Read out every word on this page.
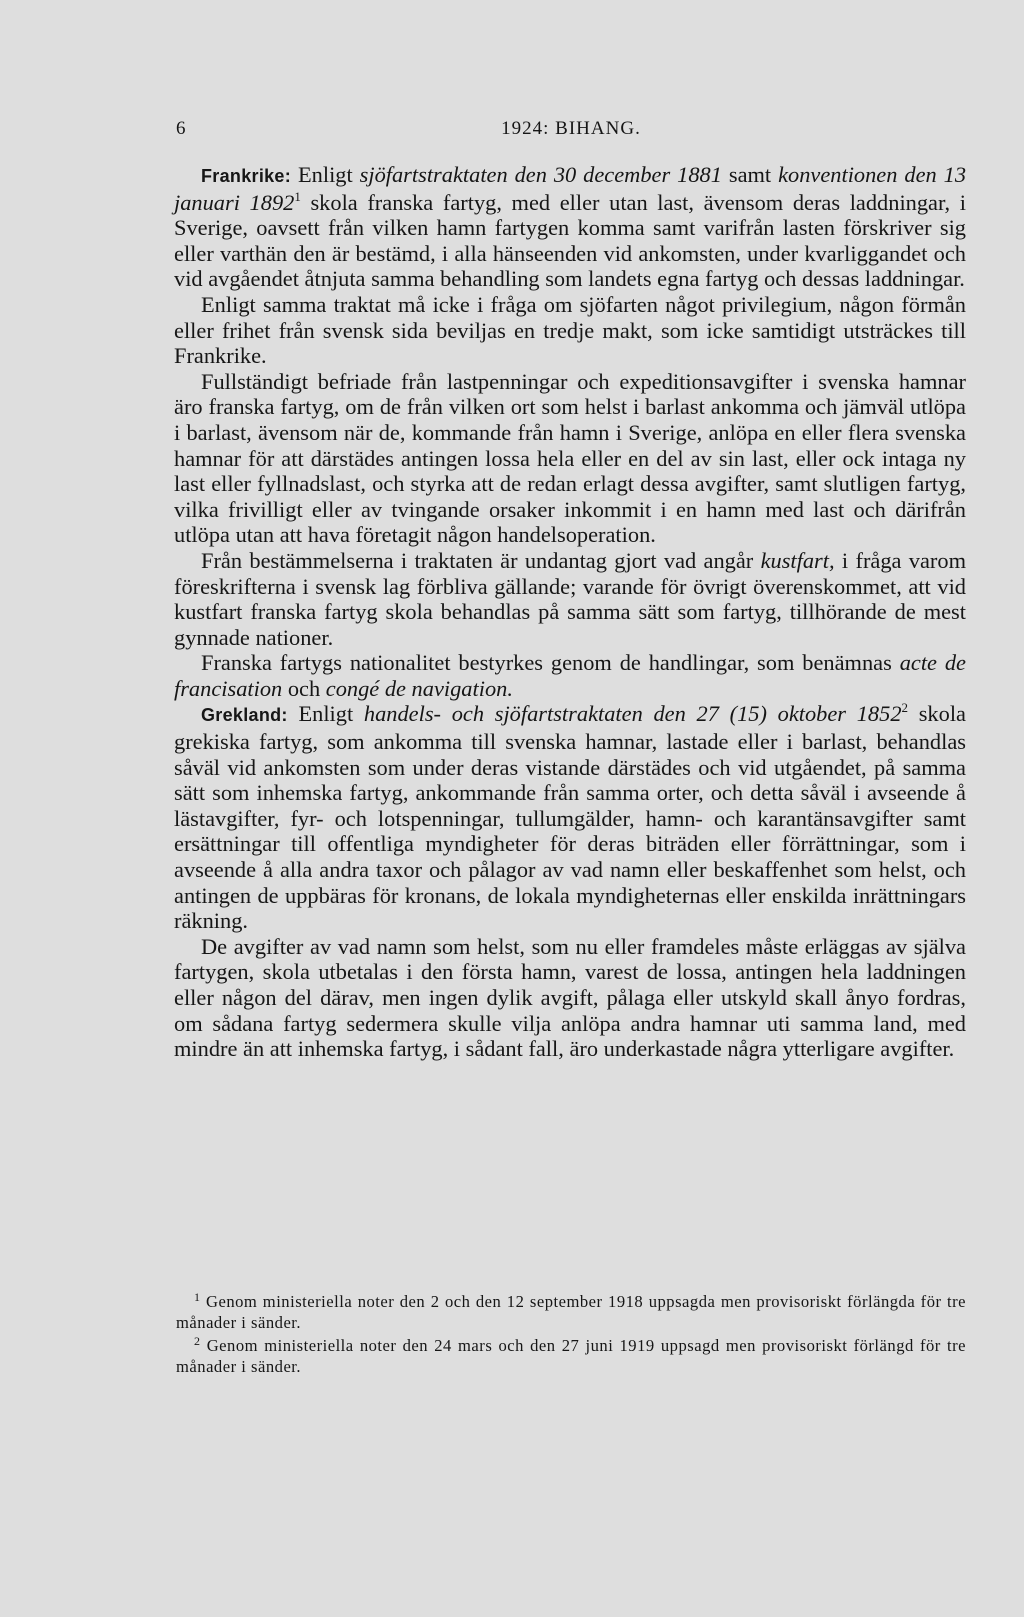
6	1924: BIHANG.

Frankrike: Enligt sjöfartstraktaten den 30 december 1881 samt konventionen den 13 januari 1892$^1$ skola franska fartyg, med eller utan last, ävensom deras laddningar, i Sverige, oavsett från vilken hamn fartygen komma samt varifrån lasten förskriver sig eller varthän den är bestämd, i alla hänseenden vid ankomsten, under kvarliggandet och vid avgåendet åtnjuta samma behandling som landets egna fartyg och dessas laddningar.

Enligt samma traktat må icke i fråga om sjöfarten något privilegium, någon förmån eller frihet från svensk sida beviljas en tredje makt, som icke samtidigt utsträckes till Frankrike.

Fullständigt befriade från lastpenningar och expeditionsavgifter i svenska hamnar äro franska fartyg, om de från vilken ort som helst i barlast ankomma och jämväl utlöpa i barlast, ävensom när de, kommande från hamn i Sverige, anlöpa en eller flera svenska hamnar för att därstädes antingen lossa hela eller en del av sin last, eller ock intaga ny last eller fyllnadslast, och styrka att de redan erlagt dessa avgifter, samt slutligen fartyg, vilka frivilligt eller av tvingande orsaker inkommit i en hamn med last och därifrån utlöpa utan att hava företagit någon handelsoperation.

Från bestämmelserna i traktaten är undantag gjort vad angår kustfart, i fråga varom föreskrifterna i svensk lag förbliva gällande; varande för övrigt överenskommet, att vid kustfart franska fartyg skola behandlas på samma sätt som fartyg, tillhörande de mest gynnade nationer.

Franska fartygs nationalitet bestyrkes genom de handlingar, som benämnas acte de francisation och congé de navigation.

Grekland: Enligt handels- och sjöfartstraktaten den 27 (15) oktober 1852$^2$ skola grekiska fartyg, som ankomma till svenska hamnar, lastade eller i barlast, behandlas såväl vid ankomsten som under deras vistande därstädes och vid utgåendet, på samma sätt som inhemska fartyg, ankommande från samma orter, och detta såväl i avseende å lästavgifter, fyr- och lotspenningar, tullumgälder, hamn- och karantänsavgifter samt ersättningar till offentliga myndigheter för deras biträden eller förrättningar, som i avseende å alla andra taxor och pålagor av vad namn eller beskaffenhet som helst, och antingen de uppbäras för kronans, de lokala myndigheternas eller enskilda inrättningars räkning.

De avgifter av vad namn som helst, som nu eller framdeles måste erläggas av själva fartygen, skola utbetalas i den första hamn, varest de lossa, antingen hela laddningen eller någon del därav, men ingen dylik avgift, pålaga eller utskyld skall ånyo fordras, om sådana fartyg sedermera skulle vilja anlöpa andra hamnar uti samma land, med mindre än att inhemska fartyg, i sådant fall, äro underkastade några ytterligare avgifter.

$^1$ Genom ministeriella noter den 2 och den 12 september 1918 uppsagda men provisoriskt förlängda för tre månader i sänder.

$^2$ Genom ministeriella noter den 24 mars och den 27 juni 1919 uppsagd men provisoriskt förlängd för tre månader i sänder.
